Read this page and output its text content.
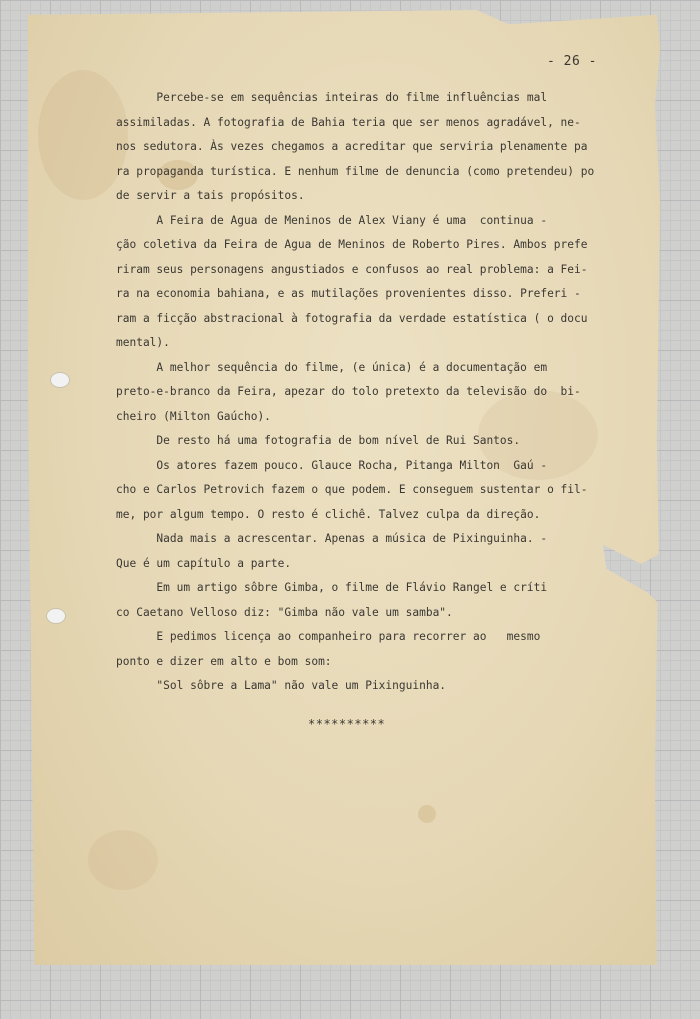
- 26 -
Percebe-se em sequências inteiras do filme influências mal
assimiladas. A fotografia de Bahia teria que ser menos agradável, ne-
nos sedutora. Às vezes chegamos a acreditar que serviria plenamente pa
ra propaganda turística. E nenhum filme de denuncia (como pretendeu) po
de servir a tais propósitos.
A Feira de Agua de Meninos de Alex Viany é uma  continua -
ção coletiva da Feira de Agua de Meninos de Roberto Pires. Ambos prefe
riram seus personagens angustiados e confusos ao real problema: a Fei-
ra na economia bahiana, e as mutilações provenientes disso. Preferi -
ram a ficção abstracional à fotografia da verdade estatística ( o docu
mental).
A melhor sequência do filme, (e única) é a documentação em
preto-e-branco da Feira, apezar do tolo pretexto da televisão do  bi-
cheiro (Milton Gaúcho).
De resto há uma fotografia de bom nível de Rui Santos.
Os atores fazem pouco. Glauce Rocha, Pitanga Milton  Gaú -
cho e Carlos Petrovich fazem o que podem. E conseguem sustentar o fil-
me, por algum tempo. O resto é clichê. Talvez culpa da direção.
Nada mais a acrescentar. Apenas a música de Pixinguinha. -
Que é um capítulo a parte.
Em um artigo sôbre Gimba, o filme de Flávio Rangel e críti
co Caetano Velloso diz: "Gimba não vale um samba".
E pedimos licença ao companheiro para recorrer ao   mesmo
ponto e dizer em alto e bom som:
"Sol sôbre a Lama" não vale um Pixinguinha.
**********
